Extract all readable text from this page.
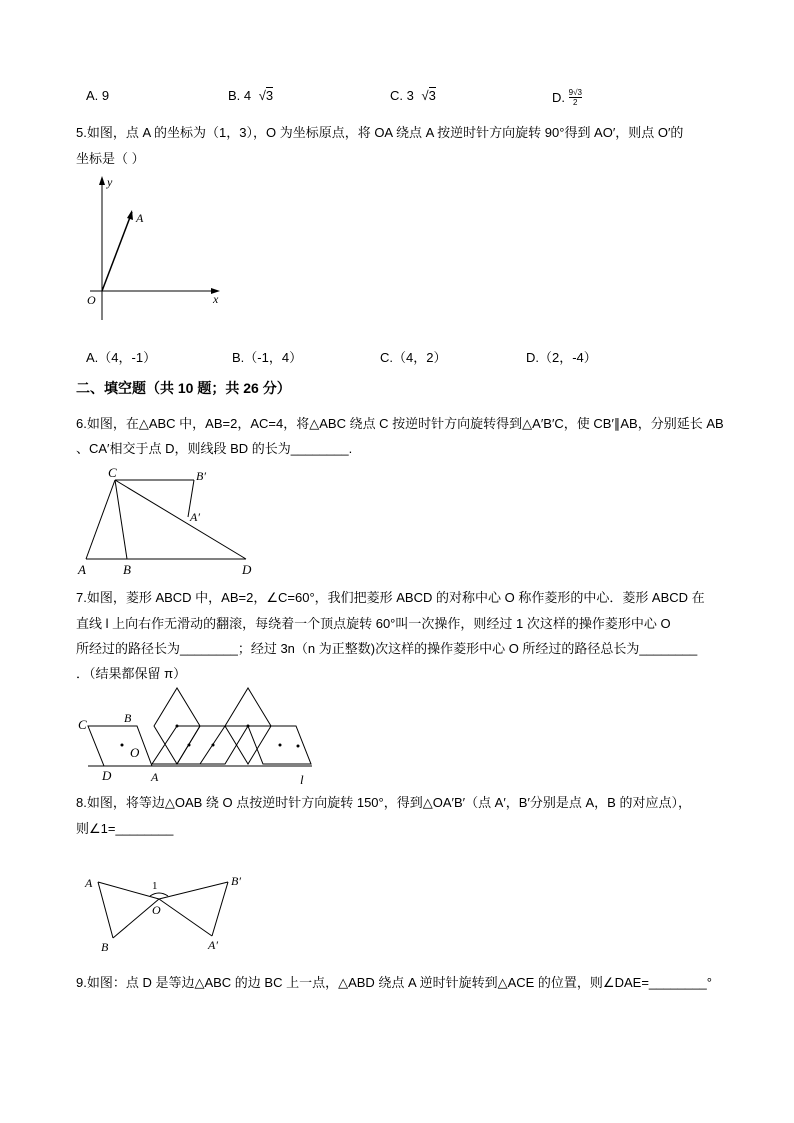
A. 9	B. 4 √3	C. 3 √3	D. $\frac{9√3}{2}$
5.如图，点 A 的坐标为（1，3），O 为坐标原点，将 OA 绕点 A 按逆时针方向旋转 90°得到 AO′，则点 O′的
坐标是（ ）
y
x
O
A
A.（4，-1）	B.（-1，4）	C.（4，2）	D.（2，-4）
二、填空题（共 10 题；共 26 分）
6.如图，在△ABC 中，AB=2，AC=4，将△ABC 绕点 C 按逆时针方向旋转得到△A′B′C，使 CB′∥AB，分别延长 AB
、CA′相交于点 D，则线段 BD 的长为________.
C	B′
A′
A	B	D
7.如图，菱形 ABCD 中，AB=2，∠C=60°，我们把菱形 ABCD 的对称中心 O 称作菱形的中心．菱形 ABCD 在
直线 l 上向右作无滑动的翻滚，每绕着一个顶点旋转 60°叫一次操作，则经过 1 次这样的操作菱形中心 O
所经过的路径长为________；经过 3n（n 为正整数)次这样的操作菱形中心 O 所经过的路径总长为________
．（结果都保留 π）
C	B
O
D	A	l
8.如图，将等边△OAB 绕 O 点按逆时针方向旋转 150°，得到△OA′B′（点 A′，B′分别是点 A，B 的对应点），
则∠1=________
A
B
1
O
B′
A′
9.如图：点 D 是等边△ABC 的边 BC 上一点，△ABD 绕点 A 逆时针旋转到△ACE 的位置，则∠DAE=________°
